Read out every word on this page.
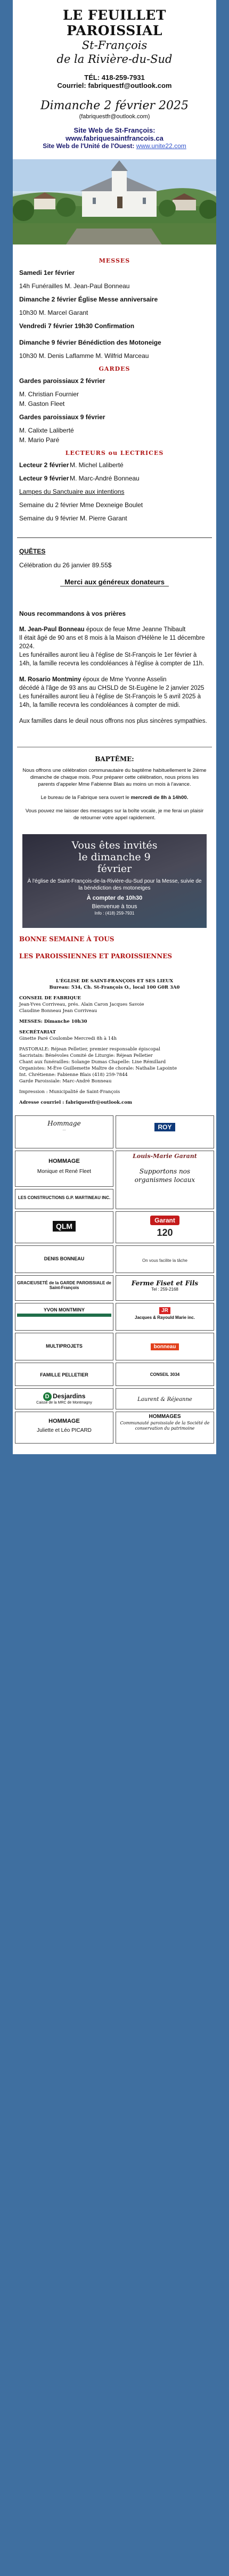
LE FEUILLET PAROISSIAL
St-François
de la Rivière-du-Sud
TÉL: 418-259-7931
Courriel: fabriquestf@outlook.com
Dimanche 2 février 2025
(fabriquestfr@outlook.com)
Site Web de St-François:
www.fabriquesaintfrancois.ca
Site Web de l'Unité de l'Ouest: www.unite22.com
MESSES
Samedi 1er février
14h Funérailles M. Jean-Paul Bonneau
Dimanche 2 février Église Messe anniversaire
10h30 M. Marcel Garant
Vendredi 7 février 19h30 Confirmation
Dimanche 9 février Bénédiction des Motoneige
10h30 M. Denis Laflamme M. Wilfrid Marceau
GARDES
Gardes paroissiaux 2 février
M. Christian Fournier
M. Gaston Fleet
Gardes paroissiaux 9 février
M. Calixte Laliberté
M. Mario Paré
LECTEURS ou LECTRICES
Lecteur 2 février M. Michel Laliberté
Lecteur 9 février M. Marc-André Bonneau
Lampes du Sanctuaire aux intentions
Semaine du 2 février Mme Dexneige Boulet
Semaine du 9 février M. Pierre Garant
QUÊTES
Célébration du 26 janvier 89.55$
Merci aux généreux donateurs
Nous recommandons à vos prières

M. Jean-Paul Bonneau époux de feue Mme Jeanne Thibault
Il était âgé de 90 ans et 8 mois à la Maison d'Hélène le 11 décembre 2024.
Les funérailles auront lieu à l'église de St-François le 1er février à 14h, la famille recevra les condoléances à l'église à compter de 11h.

M. Rosario Montminy époux de Mme Yvonne Asselin
décédé à l'âge de 93 ans au CHSLD de St-Eugène le 2 janvier 2025
Les funérailles auront lieu à l'église de St-François le 5 avril 2025 à 14h, la famille recevra les condoléances à compter de midi.

Aux familles dans le deuil nous offrons nos plus sincères sympathies.

BAPTÊME:
Nous offrons une célébration communautaire du baptême habituellement le 2ième dimanche de chaque mois. Pour préparer cette célébration, nous prions les parents d'appeler Mme Fabienne Blais au moins un mois à l'avance.
Le bureau de la Fabrique sera ouvert le mercredi de 8h à 14h00.
Vous pouvez me laisser des messages sur la boîte vocale, je me ferai un plaisir de retourner votre appel rapidement.
Vous êtes invités
le dimanche 9
février
À l'église de Saint-François-de-la-Rivière-du-Sud pour la Messe, suivie de la bénédiction des motoneiges
À compter de 10h30
Bienvenue à tous
Info : (418) 259-7931
BONNE SEMAINE À TOUS
LES PAROISSIENNES ET PAROISSIENNES
L'ÉGLISE DE SAINT-FRANÇOIS ET SES LIEUX
Bureau: 534, Ch. St-François O., local 100 G0R 3A0
CONSEIL DE FABRIQUE
Jean-Yves Corriveau, prés. Alain Caron Jacques Savoie
Claudine Bonneau Jean Corriveau
MESSES: Dimanche 10h30
SECRÉTARIAT
Ginette Paré Coulombe Mercredi 8h à 14h
PASTORALE: Réjean Pelletier, premier responsable épiscopal
Sacristain: Bénévoles Comité de Liturgie: Réjean Pelletier
Chant aux funérailles: Solange Dumas Chapelle: Line Rémillard
Organistes: M-Ève Guillemette Maître de chorale: Nathalie Lapointe
Int. Chrétienne: Fabienne Blais (418) 259-7844
Garde Paroissiale: Marc-André Bonneau
Impression : Municipalité de Saint-François
Adresse courriel : fabriquestfr@outlook.com
Hommage
...	ROY

HOMMAGE
Monique et René Fleet
Louis-Marie Garant
Supportons nos organismes locaux
LES CONSTRUCTIONS G.P. MARTINEAU INC.
QLM
Garant
120
DENIS BONNEAU	On vous facilite la tâche
GRACIEUSETÉ de la GARDE PAROISSIALE de Saint-François
Ferme Fiset et Fils
Tel : 259-2168
YVON MONTMINY	JR
Jacques & Rayould Marie inc.
MULTIPROJETS	bonneau
FAMILLE PELLETIER	CONSEIL 3034
D Desjardins
Caisse de la MRC de Montmagny
Laurent & Réjeanne
HOMMAGE
Juliette et Léo PICARD
HOMMAGES
Communauté paroissiale de la Société de conservation du patrimoine
